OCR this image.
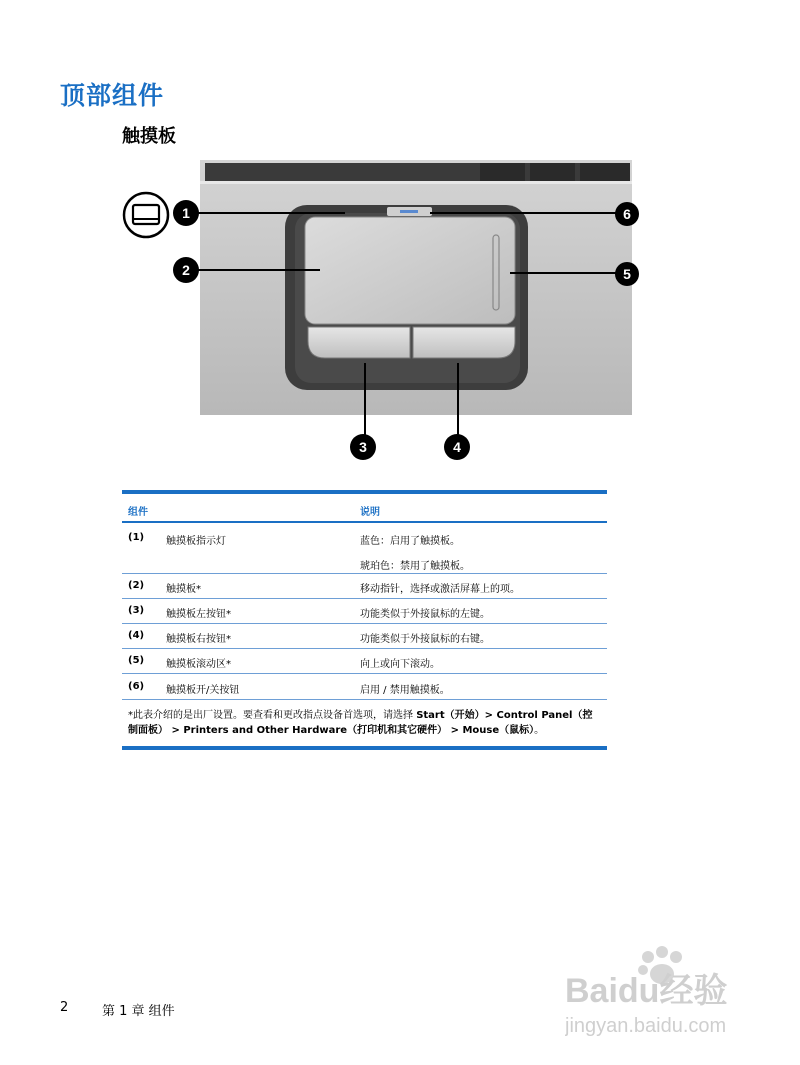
顶部组件
触摸板
1
2
3	4
5
6
组件	说明
(1) 触摸板指示灯	蓝色：启用了触摸板。
琥珀色：禁用了触摸板。
(2) 触摸板*	移动指针，选择或激活屏幕上的项。
(3) 触摸板左按钮*	功能类似于外接鼠标的左键。
(4) 触摸板右按钮*	功能类似于外接鼠标的右键。
(5) 触摸板滚动区*	向上或向下滚动。
(6) 触摸板开/关按钮	启用 / 禁用触摸板。
*此表介绍的是出厂设置。要查看和更改指点设备首选项，请选择 Start（开始）> Control Panel（控制面板） > Printers and Other Hardware（打印机和其它硬件） > Mouse（鼠标）。
2	第 1 章 组件
Baidu经验
jingyan.baidu.com
